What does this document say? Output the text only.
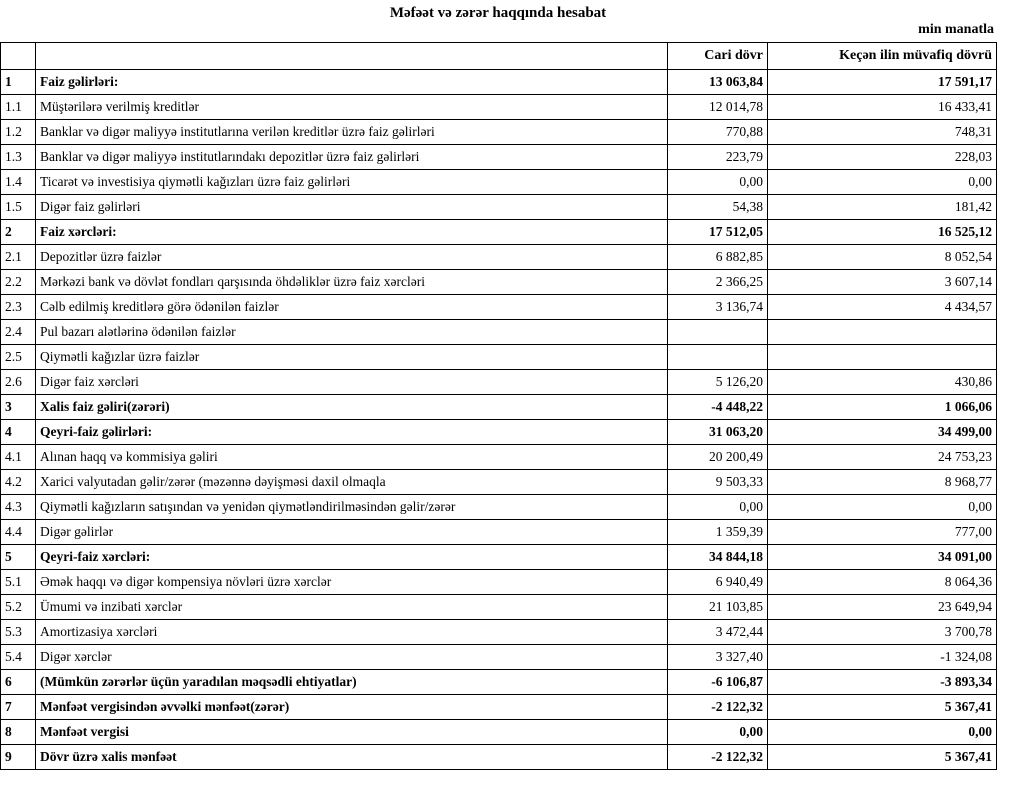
Məfəət və zərər haqqında hesabat
min manatla
		Cari dövr	Keçən ilin müvafiq dövrü
1	Faiz gəlirləri:	13 063,84	17 591,17
1.1	Müştərilərə verilmiş kreditlər	12 014,78	16 433,41
1.2	Banklar və digər maliyyə institutlarına verilən kreditlər üzrə faiz gəlirləri	770,88	748,31
1.3	Banklar və digər maliyyə institutlarındakı depozitlər üzrə faiz gəlirləri	223,79	228,03
1.4	Ticarət və investisiya qiymətli kağızları üzrə faiz gəlirləri	0,00	0,00
1.5	Digər faiz gəlirləri	54,38	181,42
2	Faiz xərcləri:	17 512,05	16 525,12
2.1	Depozitlər üzrə faizlər	6 882,85	8 052,54
2.2	Mərkəzi bank və dövlət fondları qarşısında öhdəliklər üzrə faiz xərcləri	2 366,25	3 607,14
2.3	Cəlb edilmiş kreditlərə görə ödənilən faizlər	3 136,74	4 434,57
2.4	Pul bazarı alətlərinə ödənilən faizlər		
2.5	Qiymətli kağızlar üzrə faizlər		
2.6	Digər faiz xərcləri	5 126,20	430,86
3	Xalis faiz gəliri(zərəri)	-4 448,22	1 066,06
4	Qeyri-faiz gəlirləri:	31 063,20	34 499,00
4.1	Alınan haqq və kommisiya gəliri	20 200,49	24 753,23
4.2	Xarici valyutadan gəlir/zərər (məzənnə dəyişməsi daxil olmaqla	9 503,33	8 968,77
4.3	Qiymətli kağızların satışından və yenidən qiymətləndirilməsindən gəlir/zərər	0,00	0,00
4.4	Digər gəlirlər	1 359,39	777,00
5	Qeyri-faiz xərcləri:	34 844,18	34 091,00
5.1	Əmək haqqı və digər kompensiya növləri üzrə xərclər	6 940,49	8 064,36
5.2	Ümumi və inzibati xərclər	21 103,85	23 649,94
5.3	Amortizasiya xərcləri	3 472,44	3 700,78
5.4	Digər xərclər	3 327,40	-1 324,08
6	(Mümkün zərərlər üçün yaradılan məqsədli ehtiyatlar)	-6 106,87	-3 893,34
7	Mənfəət vergisindən əvvəlki mənfəət(zərər)	-2 122,32	5 367,41
8	Mənfəət vergisi	0,00	0,00
9	Dövr üzrə xalis mənfəət	-2 122,32	5 367,41
